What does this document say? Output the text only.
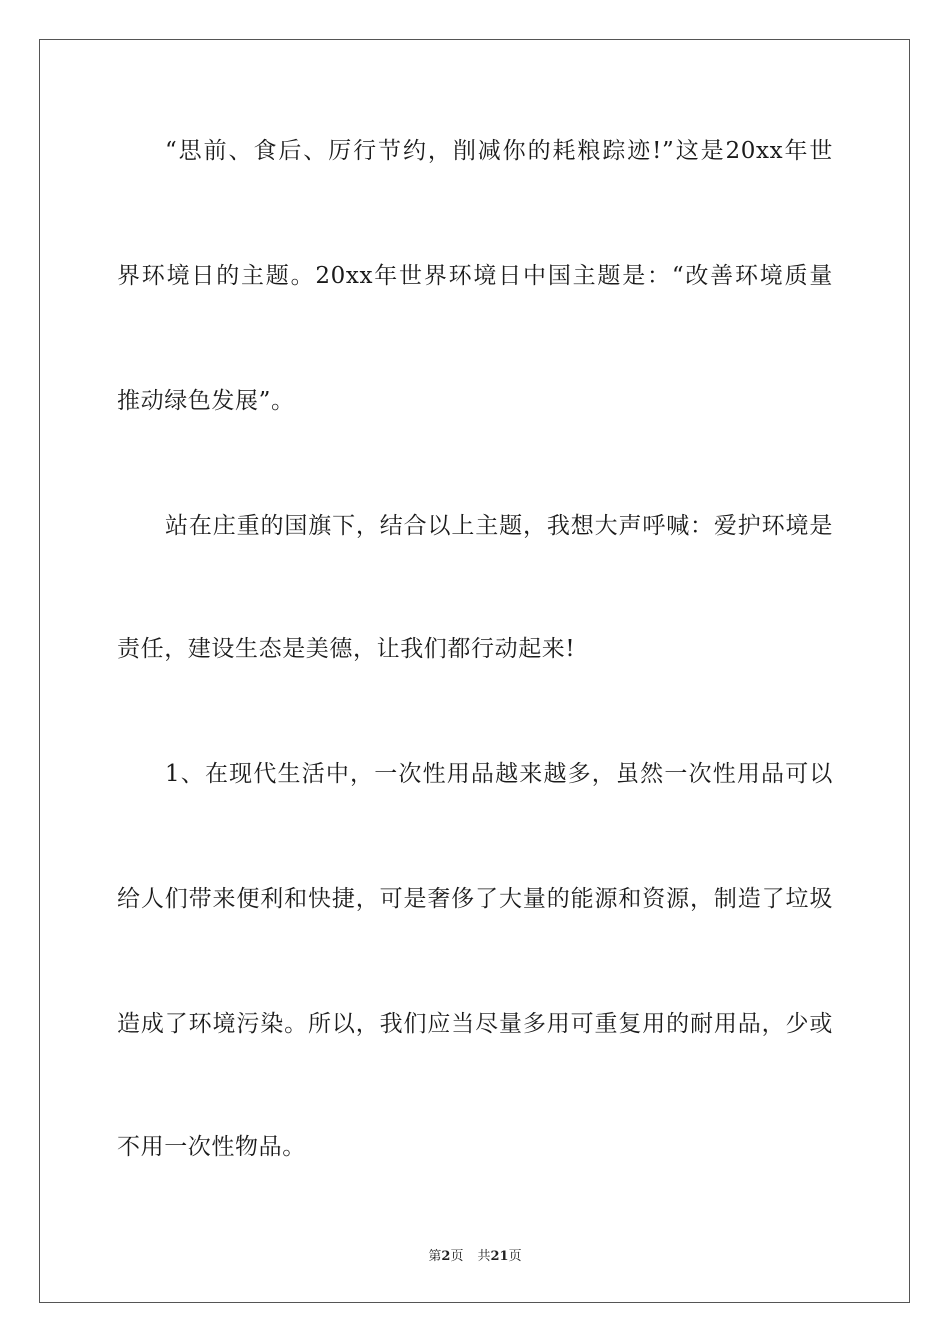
“思前、食后、厉行节约，削减你的耗粮踪迹!”这是20xx年世
界环境日的主题。20xx年世界环境日中国主题是：“改善环境质量
推动绿色发展”。
站在庄重的国旗下，结合以上主题，我想大声呼喊：爱护环境是
责任，建设生态是美德，让我们都行动起来!
1、在现代生活中，一次性用品越来越多，虽然一次性用品可以
给人们带来便利和快捷，可是奢侈了大量的能源和资源，制造了垃圾
造成了环境污染。所以，我们应当尽量多用可重复用的耐用品，少或
不用一次性物品。
第2页 共21页
